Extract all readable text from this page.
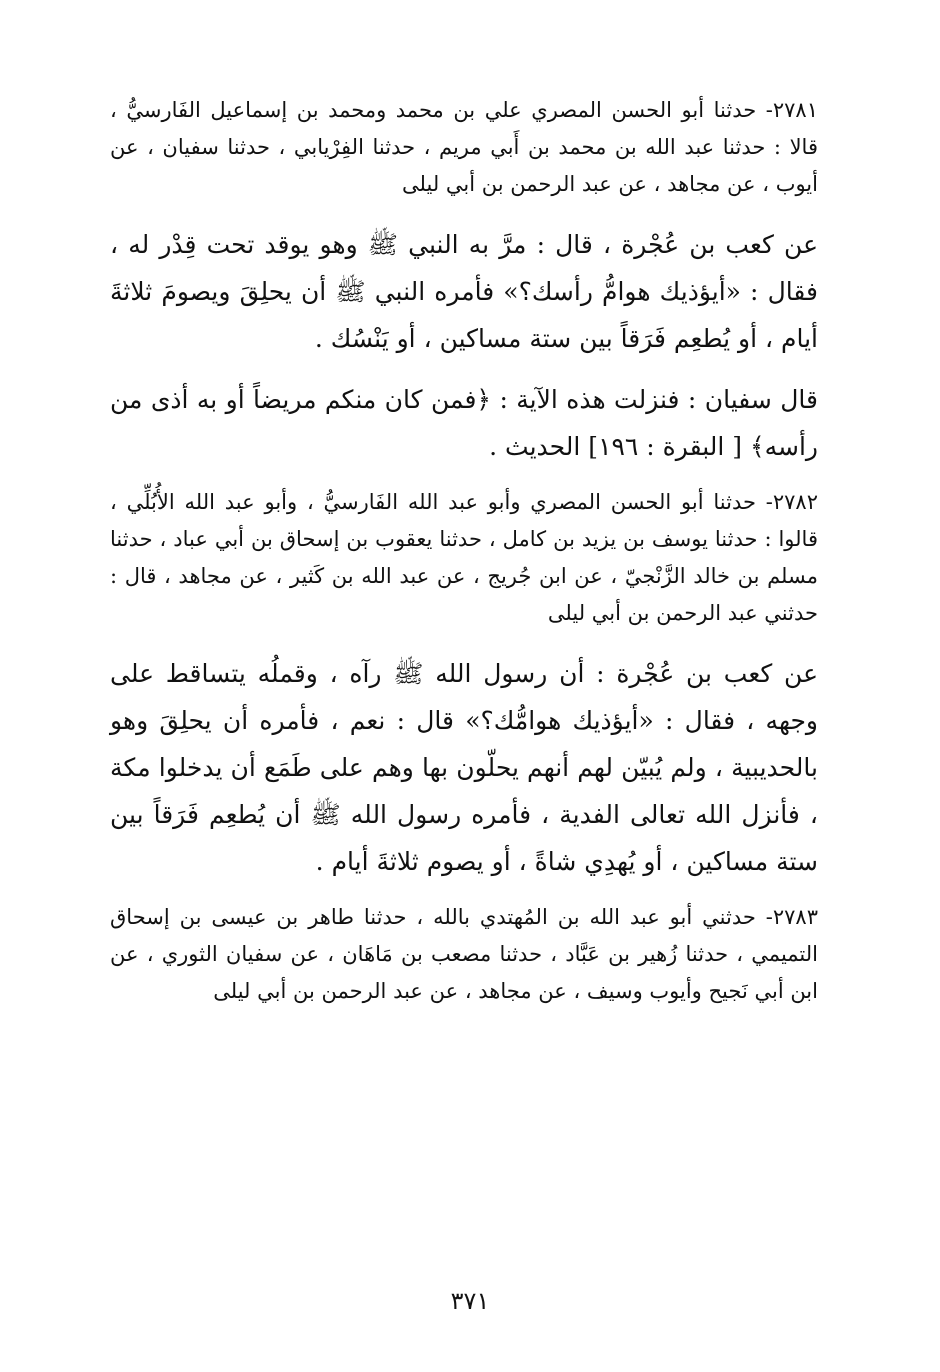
٢٧٨١- حدثنا أبو الحسن المصري علي بن محمد ومحمد بن إسماعيل الفَارسيُّ ، قالا : حدثنا عبد الله بن محمد بن أَبي مريم ، حدثنا الفِرْيابي ، حدثنا سفيان ، عن أيوب ، عن مجاهد ، عن عبد الرحمن بن أبي ليلى

عن كعب بن عُجْرة ، قال : مرَّ به النبي ﷺ وهو يوقد تحت قِدْر له ، فقال : «أيؤذيك هوامُّ رأسك؟» فأمره النبي ﷺ أن يحلِقَ ويصومَ ثلاثةَ أيام ، أو يُطعِم فَرَقاً بين ستة مساكين ، أو يَنْسُك .

قال سفيان : فنزلت هذه الآية : ﴿فمن كان منكم مريضاً أو به أذى من رأسه﴾ [ البقرة : ١٩٦] الحديث .

٢٧٨٢- حدثنا أبو الحسن المصري وأبو عبد الله الفَارسيُّ ، وأبو عبد الله الأُبُلِّي ، قالوا : حدثنا يوسف بن يزيد بن كامل ، حدثنا يعقوب بن إسحاق بن أبي عباد ، حدثنا مسلم بن خالد الزَّنْجيّ ، عن ابن جُريج ، عن عبد الله بن كَثير ، عن مجاهد ، قال : حدثني عبد الرحمن بن أبي ليلى

عن كعب بن عُجْرة : أن رسول الله ﷺ رآه ، وقملُه يتساقط على وجهه ، فقال : «أيؤذيك هوامُّك؟» قال : نعم ، فأمره أن يحلِقَ وهو بالحديبية ، ولم يُبيّن لهم أنهم يحلّون بها وهم على طَمَع أن يدخلوا مكة ، فأنزل الله تعالى الفدية ، فأمره رسول الله ﷺ أن يُطعِم فَرَقاً بين ستة مساكين ، أو يُهدِي شاةً ، أو يصوم ثلاثةَ أيام .

٢٧٨٣- حدثني أبو عبد الله بن المُهتدي بالله ، حدثنا طاهر بن عيسى بن إسحاق التميمي ، حدثنا زُهير بن عَبَّاد ، حدثنا مصعب بن مَاهَان ، عن سفيان الثوري ، عن ابن أبي نَجيح وأيوب وسيف ، عن مجاهد ، عن عبد الرحمن بن أبي ليلى

٣٧١
